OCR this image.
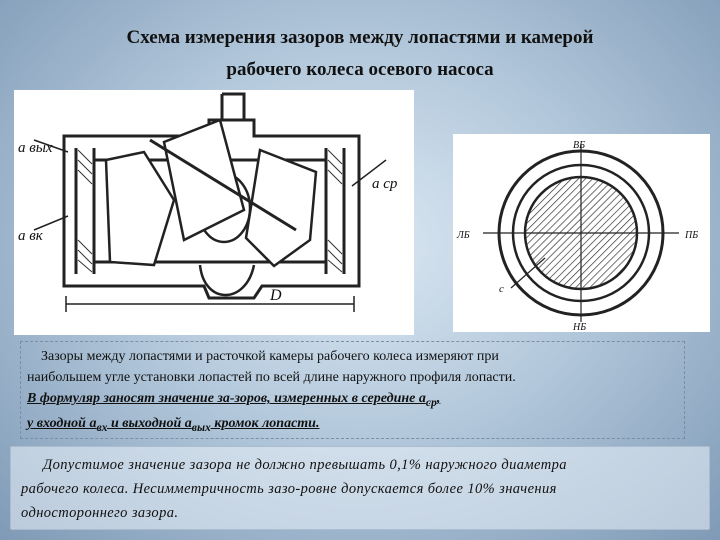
Схема измерения зазоров между лопастями и камерой
рабочего колеса осевого насоса
а вых
а вк
а ср
D
ВБ
НБ
ЛБ	ПБ
с
Зазоры между лопастями и расточкой камеры рабочего колеса измеряют при
наибольшем угле установки лопастей по всей длине наружного профиля лопасти.
В формуляр заносят значение за-зоров, измеренных в середине $а_{ср}$,
у входной $а_{вх}$ и выходной $а_{вых}$ кромок лопасти.
Допустимое значение зазора не должно превышать 0,1% наружного диаметра
рабочего колеса. Несимметричность зазо-ровне допускается более 10% значения
одностороннего зазора.
